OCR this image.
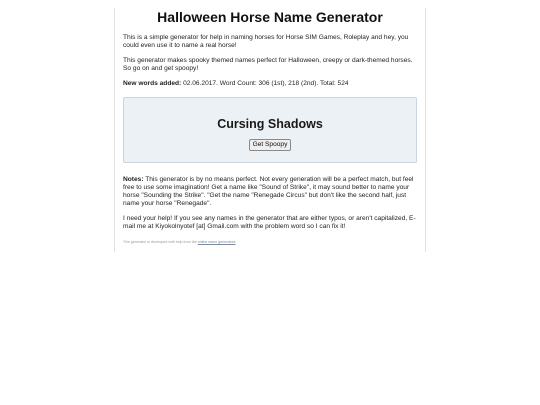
Halloween Horse Name Generator

This is a simple generator for help in naming horses for Horse SIM Games, Roleplay and hey, you could even use it to name a real horse!

This generator makes spooky themed names perfect for Halloween, creepy or dark-themed horses. So go on and get spoopy!

New words added: 02.06.2017. Word Count: 306 (1st), 218 (2nd). Total: 524

Cursing Shadows
Get Spoopy

Notes: This generator is by no means perfect. Not every generation will be a perfect match, but feel free to use some imagination! Get a name like "Sound of Strike", it may sound better to name your horse "Sounding the Strike". "Get the name "Renegade Circus" but don't like the second half, just name your horse "Renegade".

I need your help! If you see any names in the generator that are either typos, or aren't capitalized, E-mail me at Kiyokolnyotef [at] Gmail.com with the problem word so I can fix it!

This generator is developed with help from the online name generators
